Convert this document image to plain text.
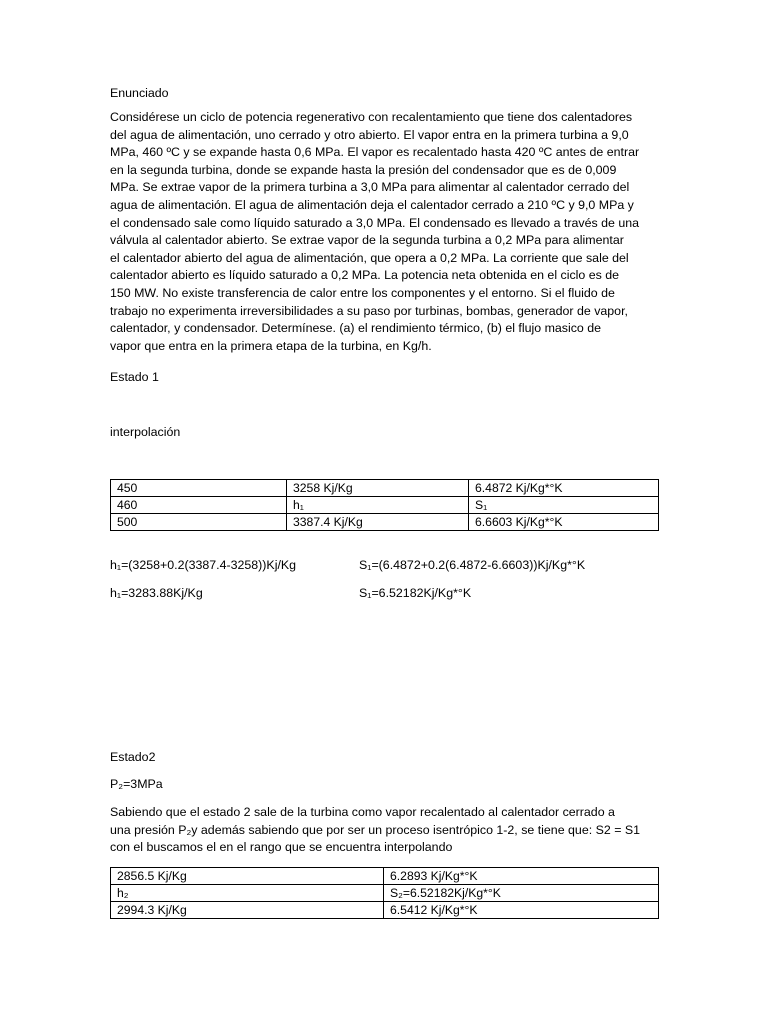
Enunciado
Considérese un ciclo de potencia regenerativo con recalentamiento que tiene dos calentadores
del agua de alimentación, uno cerrado y otro abierto. El vapor entra en la primera turbina a 9,0
MPa, 460 ºC y se expande hasta 0,6 MPa. El vapor es recalentado hasta 420 ºC antes de entrar
en la segunda turbina, donde se expande hasta la presión del condensador que es de 0,009
MPa. Se extrae vapor de la primera turbina a 3,0 MPa para alimentar al calentador cerrado del
agua de alimentación. El agua de alimentación deja el calentador cerrado a 210 ºC y 9,0 MPa y
el condensado sale como líquido saturado a 3,0 MPa. El condensado es llevado a través de una
válvula al calentador abierto. Se extrae vapor de la segunda turbina a 0,2 MPa para alimentar
el calentador abierto del agua de alimentación, que opera a 0,2 MPa. La corriente que sale del
calentador abierto es líquido saturado a 0,2 MPa. La potencia neta obtenida en el ciclo es de
150 MW. No existe transferencia de calor entre los componentes y el entorno. Si el fluido de
trabajo no experimenta irreversibilidades a su paso por turbinas, bombas, generador de vapor,
calentador, y condensador. Determínese. (a) el rendimiento térmico, (b) el flujo masico de
vapor que entra en la primera etapa de la turbina, en Kg/h.
Estado 1
interpolación
450	3258 Kj/Kg	6.4872 Kj/Kg*°K
460	h₁	S₁
500	3387.4 Kj/Kg	6.6603 Kj/Kg*°K
h₁=(3258+0.2(3387.4-3258))Kj/Kg	S₁=(6.4872+0.2(6.4872-6.6603))Kj/Kg*°K
h₁=3283.88Kj/Kg	S₁=6.52182Kj/Kg*°K
Estado2
P₂=3MPa
Sabiendo que el estado 2 sale de la turbina como vapor recalentado al calentador cerrado a
una presión P₂y además sabiendo que por ser un proceso isentrópico 1-2, se tiene que: S2 = S1
con el buscamos el en el rango que se encuentra interpolando
2856.5 Kj/Kg	6.2893 Kj/Kg*°K
h₂	S₂=6.52182Kj/Kg*°K
2994.3 Kj/Kg	6.5412 Kj/Kg*°K
